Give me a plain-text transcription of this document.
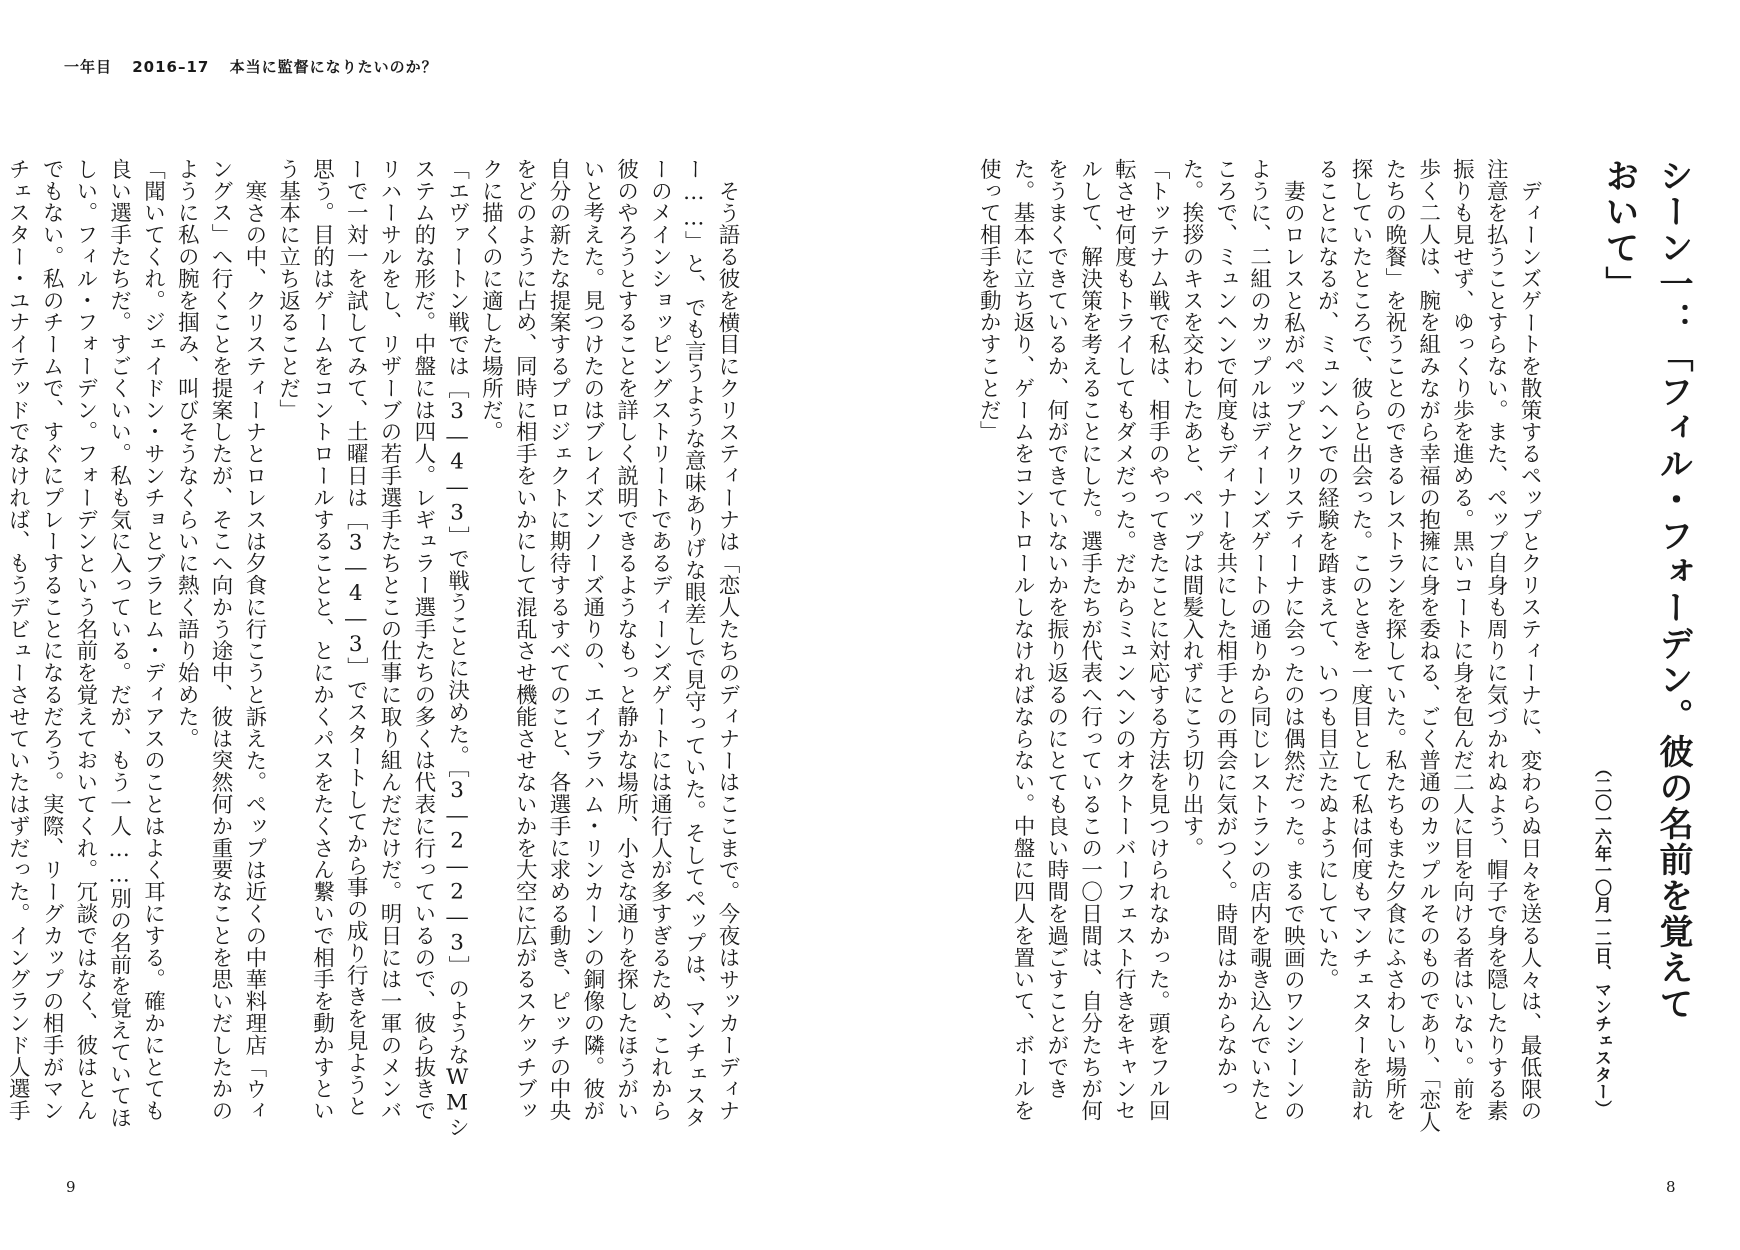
一年目 2016–17 本当に監督になりたいのか？
シーン一：「フィル・フォーデン。彼の名前を覚えておいて」
（二〇一六年一〇月一二日、マンチェスター）

ディーンズゲートを散策するペップとクリスティーナに、変わらぬ日々を送る人々は、最低限の注意を払うことすらない。また、ペップ自身も周りに気づかれぬよう、帽子で身を隠したりする素振りも見せず、ゆっくり歩を進める。黒いコートに身を包んだ二人に目を向ける者はいない。前を歩く二人は、腕を組みながら幸福の抱擁に身を委ねる、ごく普通のカップルそのものであり、「恋人たちの晩餐」を祝うことのできるレストランを探していた。私たちもまた夕食にふさわしい場所を探していたところで、彼らと出会った。このときを一度目として私は何度もマンチェスターを訪れることになるが、ミュンヘンでの経験を踏まえて、いつも目立たぬようにしていた。

妻のロレスと私がペップとクリスティーナに会ったのは偶然だった。まるで映画のワンシーンのように、二組のカップルはディーンズゲートの通りから同じレストランの店内を覗き込んでいたところで、ミュンヘンで何度もディナーを共にした相手との再会に気がつく。時間はかからなかった。挨拶のキスを交わしたあと、ペップは間髪入れずにこう切り出す。

「トッテナム戦で私は、相手のやってきたことに対応する方法を見つけられなかった。頭をフル回転させ何度もトライしてもダメだった。だからミュンヘンのオクトーバーフェスト行きをキャンセルして、解決策を考えることにした。選手たちが代表へ行っているこの一〇日間は、自分たちが何をうまくできているか、何ができていないかを振り返るのにとても良い時間を過ごすことができた。基本に立ち返り、ゲームをコントロールしなければならない。中盤に四人を置いて、ボールを使って相手を動かすことだ」

そう語る彼を横目にクリスティーナは「恋人たちのディナーはここまで。今夜はサッカーディナー……」と、でも言うような意味ありげな眼差しで見守っていた。そしてペップは、マンチェスターのメインショッピングストリートであるディーンズゲートには通行人が多すぎるため、これから彼のやろうとすることを詳しく説明できるようなもっと静かな場所、小さな通りを探したほうがいいと考えた。見つけたのはブレイズンノーズ通りの、エイブラハム・リンカーンの銅像の隣。彼が自分の新たな提案するプロジェクトに期待するすべてのこと、各選手に求める動き、ピッチの中央をどのように占め、同時に相手をいかにして混乱させ機能させないかを大空に広がるスケッチブックに描くのに適した場所だ。

「エヴァートン戦では［3―4―3］で戦うことに決めた。［3―2―2―3］のようなWMシステム的な形だ。中盤には四人。レギュラー選手たちの多くは代表に行っているので、彼ら抜きでリハーサルをし、リザーブの若手選手たちとこの仕事に取り組んだだけだ。明日には一軍のメンバーで一対一を試してみて、土曜日は［3―4―3］でスタートしてから事の成り行きを見ようと思う。目的はゲームをコントロールすることと、とにかくパスをたくさん繋いで相手を動かすという基本に立ち返ることだ」

寒さの中、クリスティーナとロレスは夕食に行こうと訴えた。ペップは近くの中華料理店「ウィングス」へ行くことを提案したが、そこへ向かう途中、彼は突然何か重要なことを思いだしたかのように私の腕を掴み、叫びそうなくらいに熱く語り始めた。

「聞いてくれ。ジェイドン・サンチョとブラヒム・ディアスのことはよく耳にする。確かにとても良い選手たちだ。すごくいい。私も気に入っている。だが、もう一人……別の名前を覚えていてほしい。フィル・フォーデン。フォーデンという名前を覚えておいてくれ。冗談ではなく、彼はとんでもない。私のチームで、すぐにプレーすることになるだろう。実際、リーグカップの相手がマンチェスター・ユナイテッドでなければ、もうデビューさせていたはずだった。イングランド人選手

9	8
